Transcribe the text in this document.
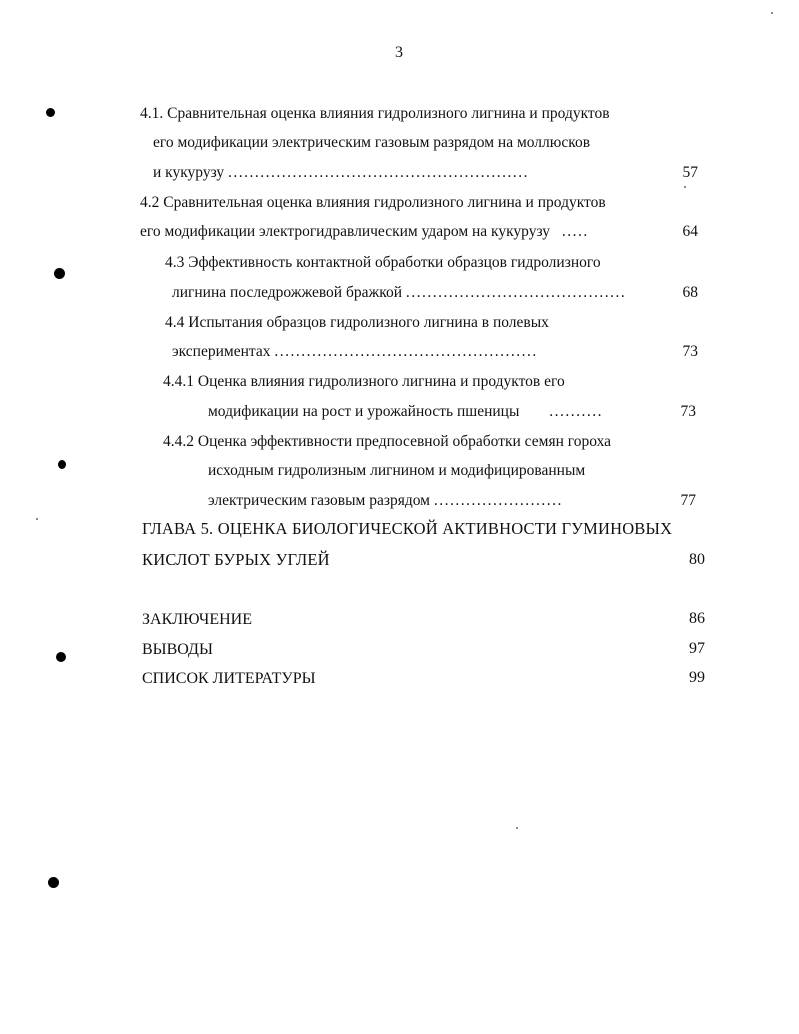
3
4.1. Сравнительная оценка влияния гидролизного лигнина и продуктов
его модификации электрическим газовым разрядом на моллюсков
и кукурузу ........................................................	57
4.2 Сравнительная оценка влияния гидролизного лигнина и продуктов
его модификации электрогидравлическим ударом на кукурузу .....	64
4.3 Эффективность контактной обработки образцов гидролизного
лигнина последрожжевой бражкой .........................................	68
4.4 Испытания образцов гидролизного лигнина в полевых
экспериментах .................................................	73
4.4.1 Оценка влияния гидролизного лигнина и продуктов его
модификации на рост и урожайность пшеницы ..........	73
4.4.2 Оценка эффективности предпосевной обработки семян гороха
исходным гидролизным лигнином и модифицированным
электрическим газовым разрядом ........................	77
ГЛАВА 5. ОЦЕНКА БИОЛОГИЧЕСКОЙ АКТИВНОСТИ ГУМИНОВЫХ
КИСЛОТ БУРЫХ УГЛЕЙ	80
ЗАКЛЮЧЕНИЕ	86
ВЫВОДЫ	97
СПИСОК ЛИТЕРАТУРЫ	99
